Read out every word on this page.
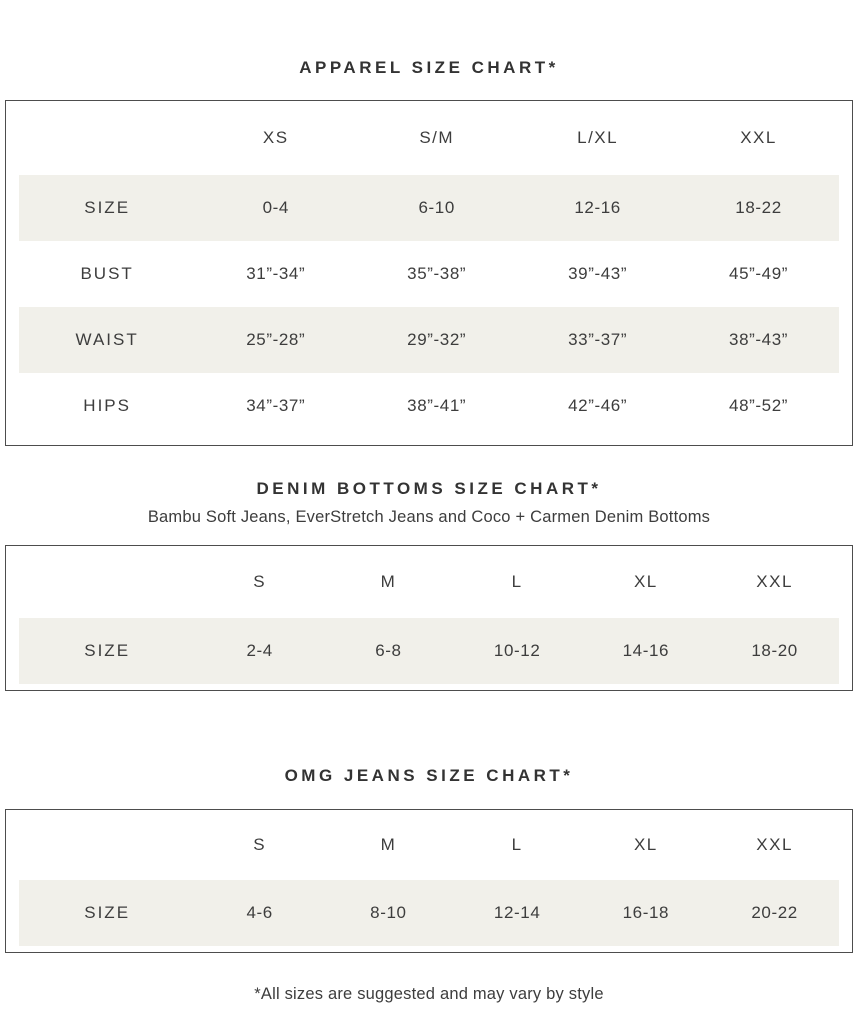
APPAREL SIZE CHART*
	XS	S/M	L/XL	XXL
SIZE	0-4	6-10	12-16	18-22
BUST	31”-34”	35”-38”	39”-43”	45”-49”
WAIST	25”-28”	29”-32”	33”-37”	38”-43”
HIPS	34”-37”	38”-41”	42”-46”	48”-52”
DENIM BOTTOMS SIZE CHART*

Bambu Soft Jeans, EverStretch Jeans and Coco + Carmen Denim Bottoms

	S	M	L	XL	XXL
SIZE	2-4	6-8	10-12	14-16	18-20
OMG JEANS SIZE CHART*
	S	M	L	XL	XXL
SIZE	4-6	8-10	12-14	16-18	20-22

*All sizes are suggested and may vary by style
